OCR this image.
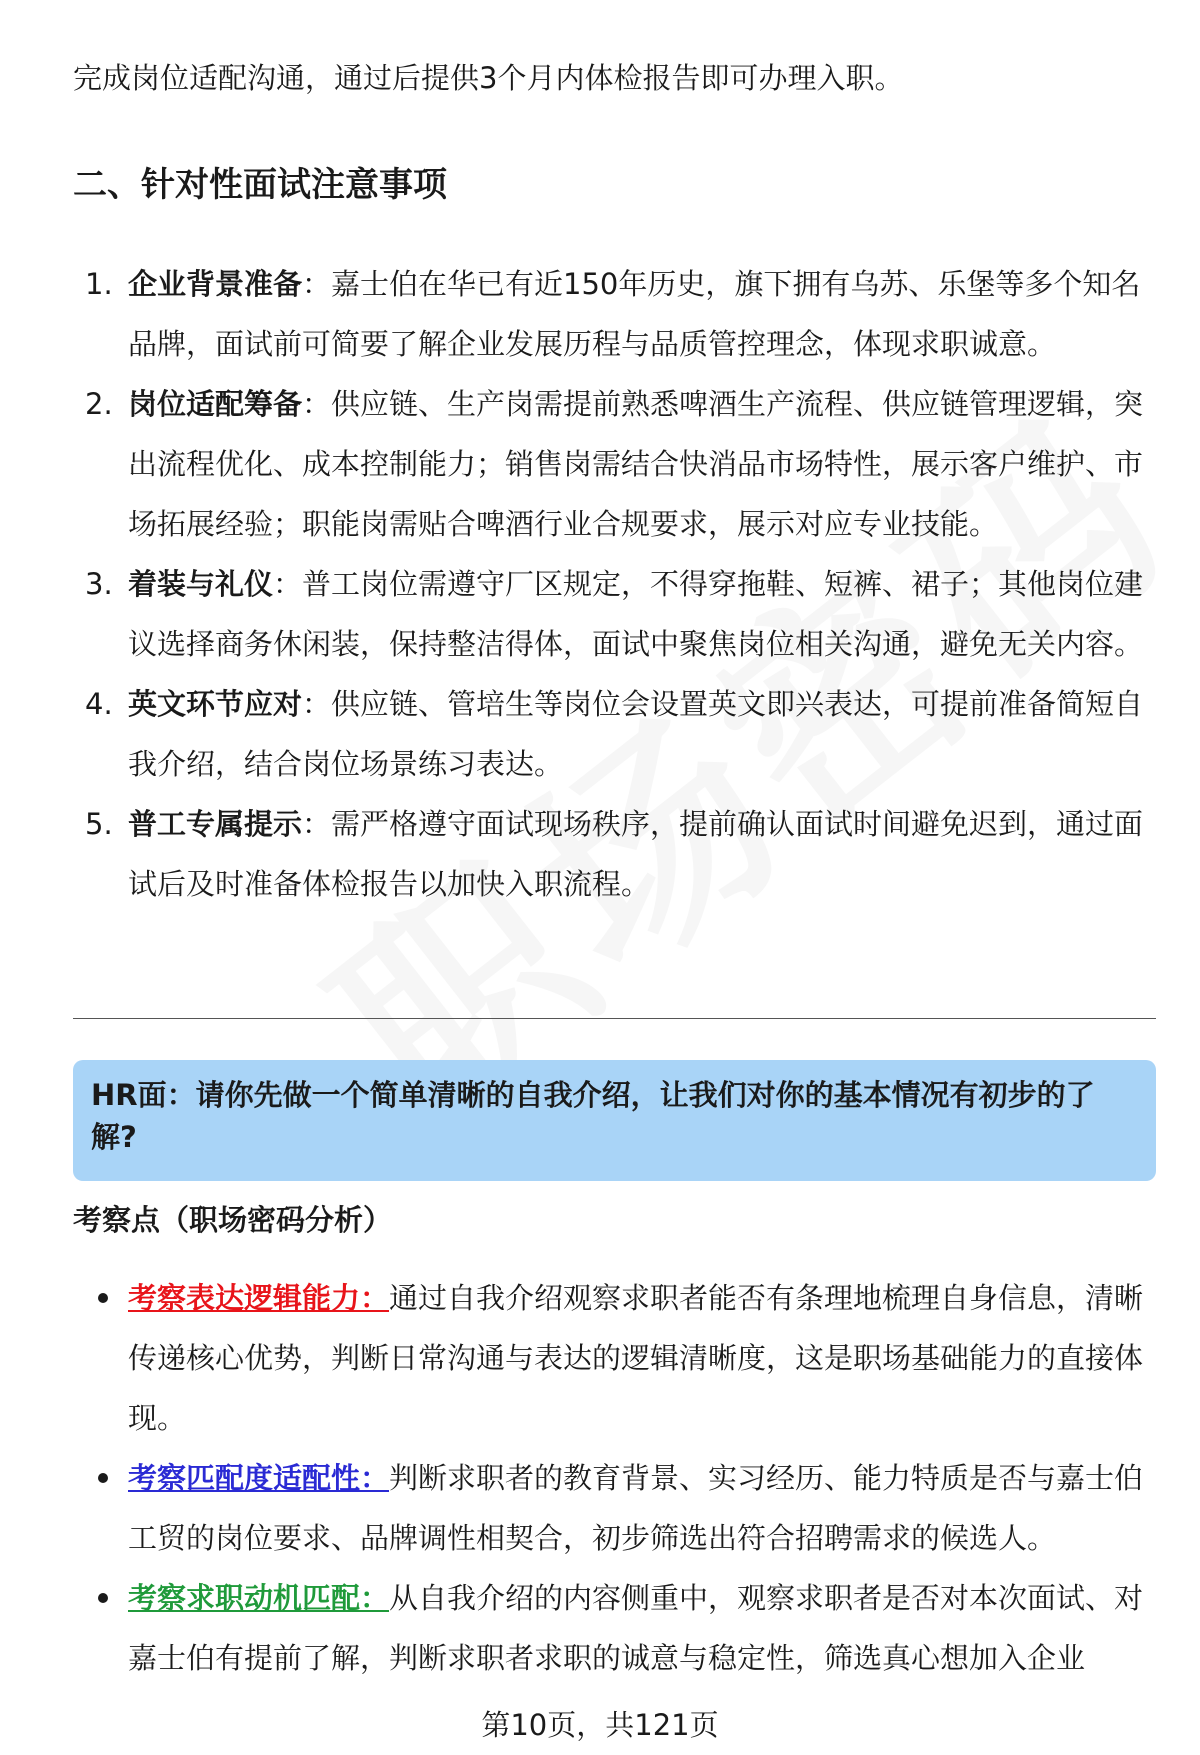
完成岗位适配沟通，通过后提供3个月内体检报告即可办理入职。

二、针对性面试注意事项
1. 企业背景准备：嘉士伯在华已有近150年历史，旗下拥有乌苏、乐堡等多个知名品牌，面试前可简要了解企业发展历程与品质管控理念，体现求职诚意。
2. 岗位适配筹备：供应链、生产岗需提前熟悉啤酒生产流程、供应链管理逻辑，突出流程优化、成本控制能力；销售岗需结合快消品市场特性，展示客户维护、市场拓展经验；职能岗需贴合啤酒行业合规要求，展示对应专业技能。
3. 着装与礼仪：普工岗位需遵守厂区规定，不得穿拖鞋、短裤、裙子；其他岗位建议选择商务休闲装，保持整洁得体，面试中聚焦岗位相关沟通，避免无关内容。
4. 英文环节应对：供应链、管培生等岗位会设置英文即兴表达，可提前准备简短自我介绍，结合岗位场景练习表达。
5. 普工专属提示：需严格遵守面试现场秩序，提前确认面试时间避免迟到，通过面试后及时准备体检报告以加快入职流程。
HR面：请你先做一个简单清晰的自我介绍，让我们对你的基本情况有初步的了解?

考察点（职场密码分析）

考察表达逻辑能力：通过自我介绍观察求职者能否有条理地梳理自身信息，清晰传递核心优势，判断日常沟通与表达的逻辑清晰度，这是职场基础能力的直接体现。
考察匹配度适配性：判断求职者的教育背景、实习经历、能力特质是否与嘉士伯工贸的岗位要求、品牌调性相契合，初步筛选出符合招聘需求的候选人。
考察求职动机匹配：从自我介绍的内容侧重中，观察求职者是否对本次面试、对嘉士伯有提前了解，判断求职者求职的诚意与稳定性，筛选真心想加入企业

第10页，共121页
